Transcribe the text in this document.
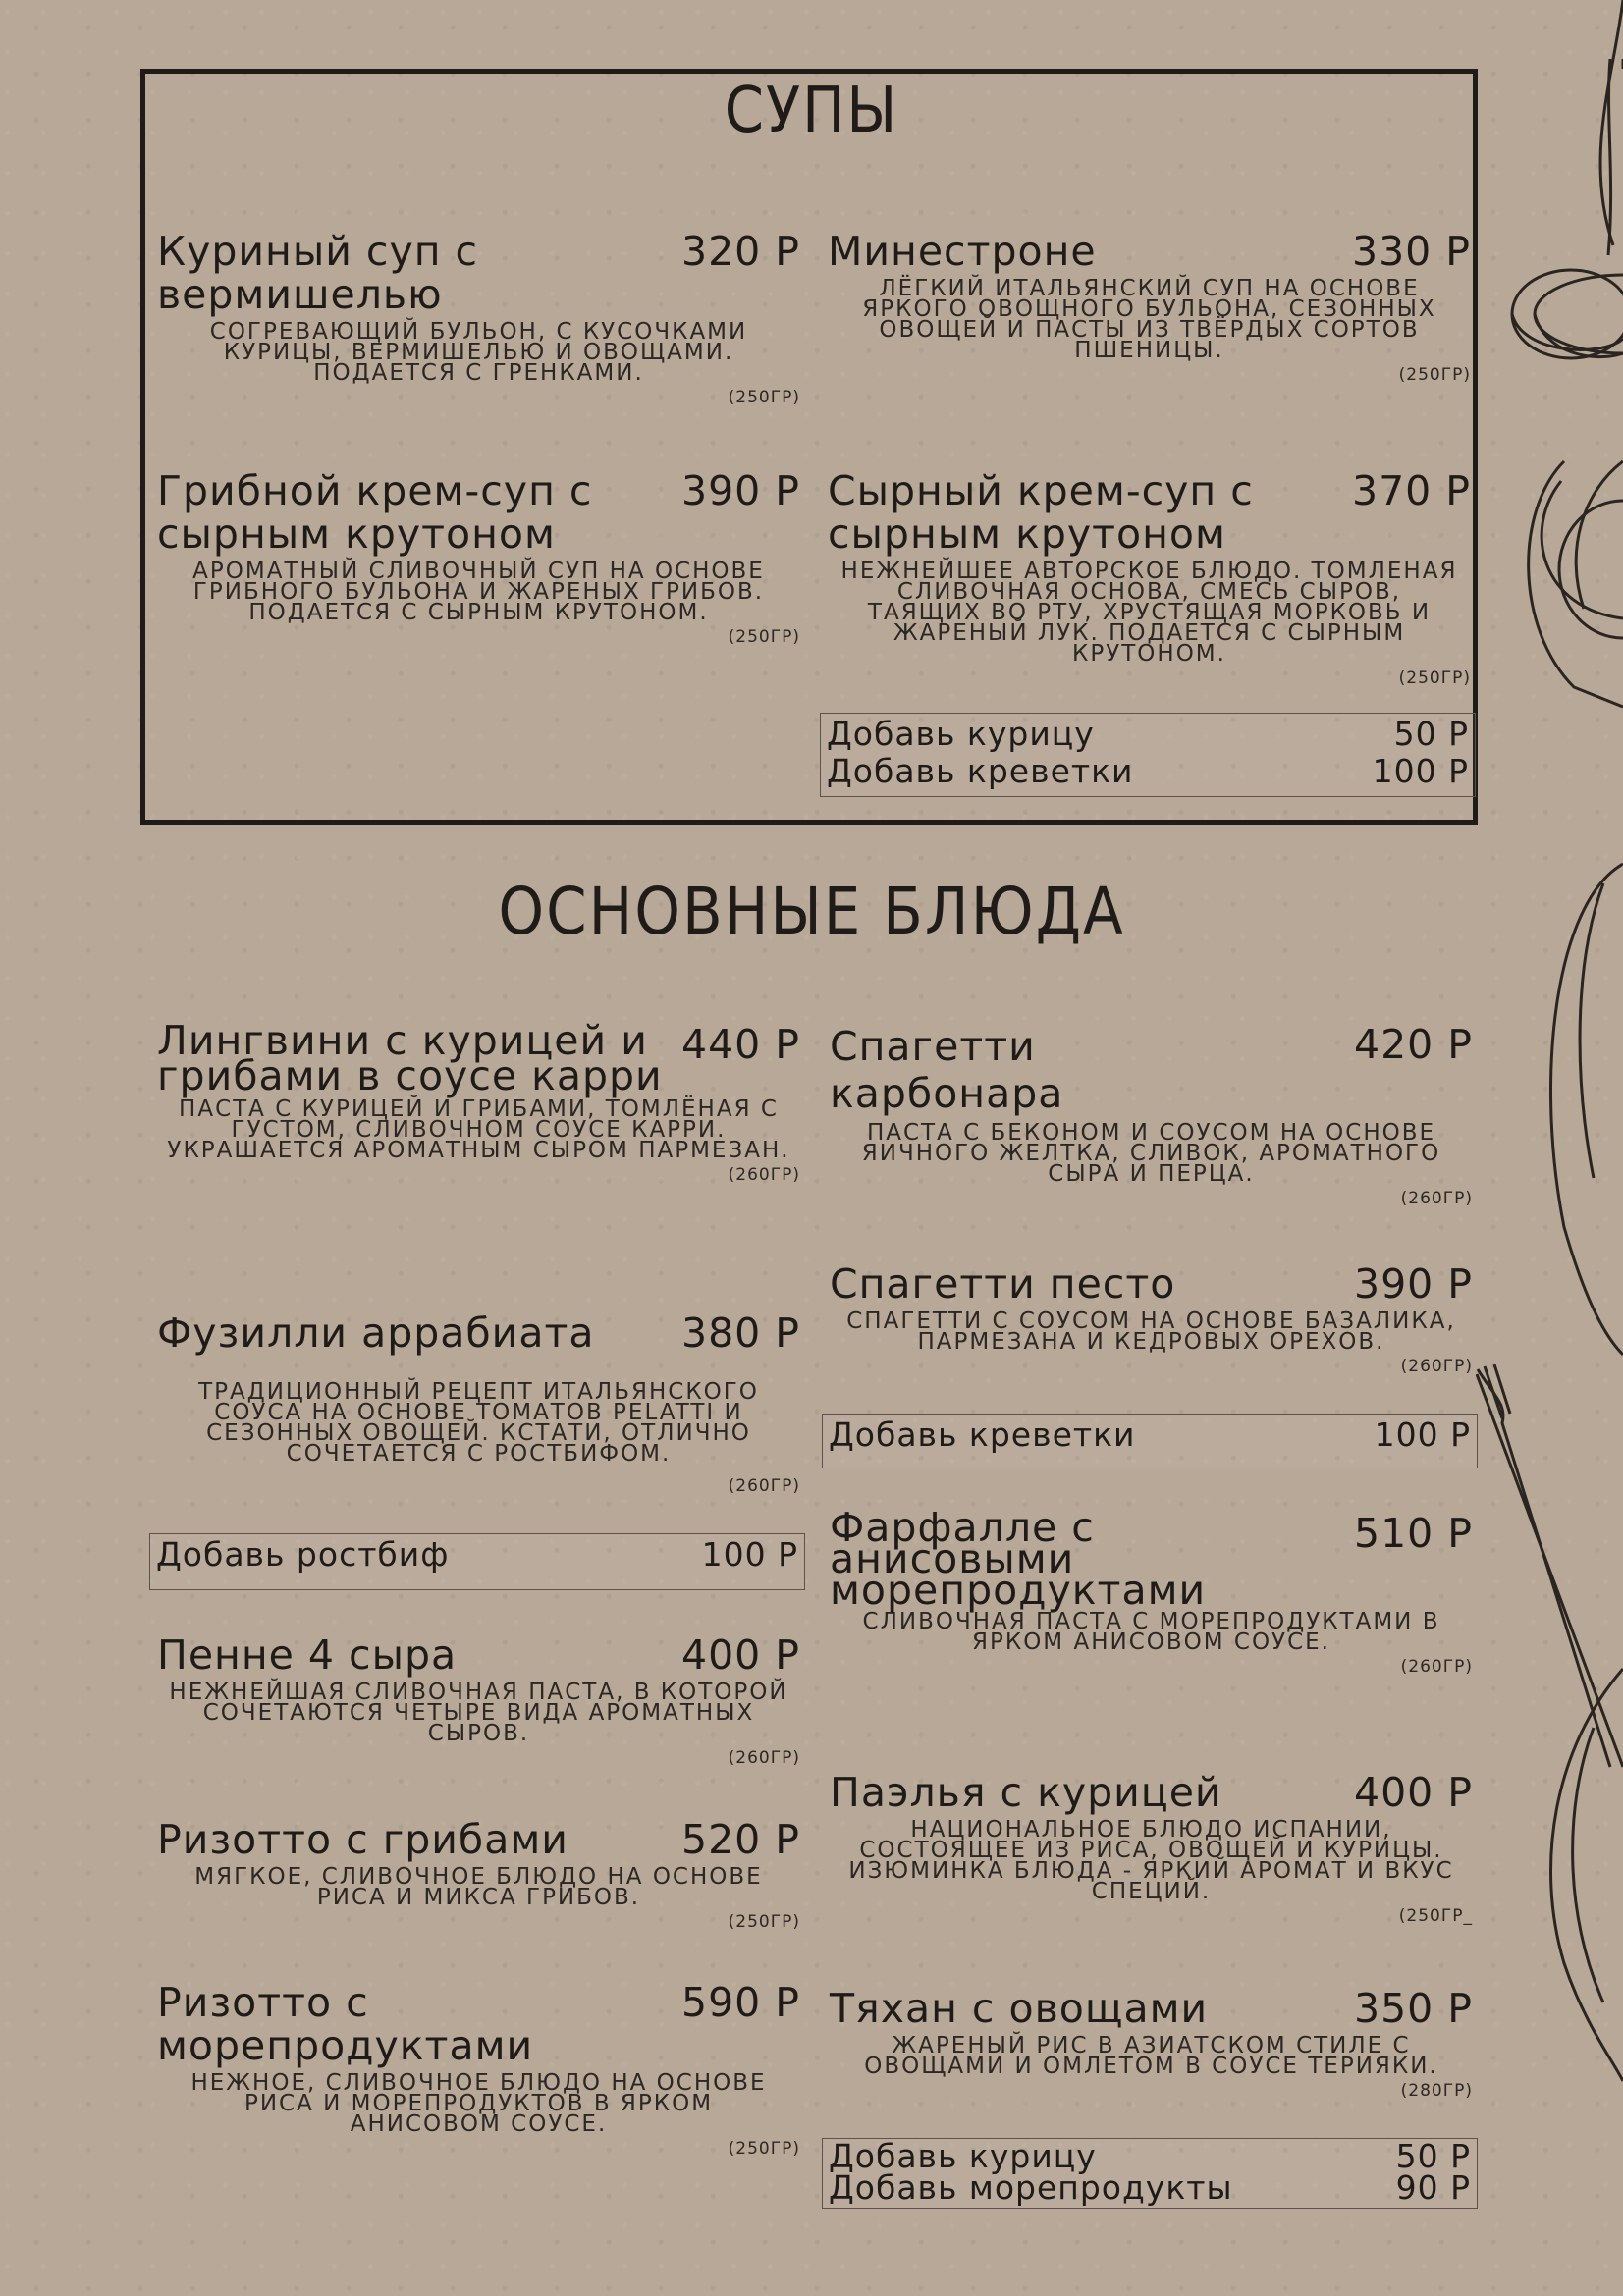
СУПЫ
Куриный суп с вермишелью
320 Р
СОГРЕВАЮЩИЙ БУЛЬОН, С КУСОЧКАМИ КУРИЦЫ, ВЕРМИШЕЛЬЮ И ОВОЩАМИ. ПОДАЕТСЯ С ГРЕНКАМИ.
(250ГР)
Минестроне	330 Р
ЛЁГКИЙ ИТАЛЬЯНСКИЙ СУП НА ОСНОВЕ ЯРКОГО ОВОЩНОГО БУЛЬОНА, СЕЗОННЫХ ОВОЩЕЙ И ПАСТЫ ИЗ ТВЁРДЫХ СОРТОВ ПШЕНИЦЫ.
(250ГР)
Грибной крем-суп с сырным крутоном
390 Р
АРОМАТНЫЙ СЛИВОЧНЫЙ СУП НА ОСНОВЕ ГРИБНОГО БУЛЬОНА И ЖАРЕНЫХ ГРИБОВ. ПОДАЕТСЯ С СЫРНЫМ КРУТОНОМ.
(250ГР)
Сырный крем-суп с сырным крутоном
370 Р
НЕЖНЕЙШЕЕ АВТОРСКОЕ БЛЮДО. ТОМЛЕНАЯ СЛИВОЧНАЯ ОСНОВА, СМЕСЬ СЫРОВ, ТАЯЩИХ ВО РТУ, ХРУСТЯЩАЯ МОРКОВЬ И ЖАРЕНЫЙ ЛУК. ПОДАЕТСЯ С СЫРНЫМ КРУТОНОМ.
(250ГР)
Добавь курицу	50 Р
Добавь креветки	100 Р
ОСНОВНЫЕ БЛЮДА
Лингвини с курицей и грибами в соусе карри
440 Р
ПАСТА С КУРИЦЕЙ И ГРИБАМИ, ТОМЛЁНАЯ С ГУСТОМ, СЛИВОЧНОМ СОУСЕ КАРРИ. УКРАШАЕТСЯ АРОМАТНЫМ СЫРОМ ПАРМЕЗАН.
(260ГР)
Фузилли аррабиата	380 Р
ТРАДИЦИОННЫЙ РЕЦЕПТ ИТАЛЬЯНСКОГО СОУСА НА ОСНОВЕ ТОМАТОВ PELATTI И СЕЗОННЫХ ОВОЩЕЙ. КСТАТИ, ОТЛИЧНО СОЧЕТАЕТСЯ С РОСТБИФОМ.
(260ГР)
Добавь ростбиф	100 Р
Пенне 4 сыра	400 Р
НЕЖНЕЙШАЯ СЛИВОЧНАЯ ПАСТА, В КОТОРОЙ СОЧЕТАЮТСЯ ЧЕТЫРЕ ВИДА АРОМАТНЫХ СЫРОВ.
(260ГР)
Ризотто с грибами	520 Р
МЯГКОЕ, СЛИВОЧНОЕ БЛЮДО НА ОСНОВЕ РИСА И МИКСА ГРИБОВ.
(250ГР)
Ризотто с морепродуктами
590 Р
НЕЖНОЕ, СЛИВОЧНОЕ БЛЮДО НА ОСНОВЕ РИСА И МОРЕПРОДУКТОВ В ЯРКОМ АНИСОВОМ СОУСЕ.
(250ГР)
Спагетти карбонара
420 Р
ПАСТА С БЕКОНОМ И СОУСОМ НА ОСНОВЕ ЯИЧНОГО ЖЕЛТКА, СЛИВОК, АРОМАТНОГО СЫРА И ПЕРЦА.
(260ГР)
Спагетти песто	390 Р
СПАГЕТТИ С СОУСОМ НА ОСНОВЕ БАЗАЛИКА, ПАРМЕЗАНА И КЕДРОВЫХ ОРЕХОВ.
(260ГР)
Добавь креветки	100 Р
Фарфалле с анисовыми морепродуктами
510 Р
СЛИВОЧНАЯ ПАСТА С МОРЕПРОДУКТАМИ В ЯРКОМ АНИСОВОМ СОУСЕ.
(260ГР)
Паэлья с курицей	400 Р
НАЦИОНАЛЬНОЕ БЛЮДО ИСПАНИИ, СОСТОЯЩЕЕ ИЗ РИСА, ОВОЩЕЙ И КУРИЦЫ. ИЗЮМИНКА БЛЮДА - ЯРКИЙ АРОМАТ И ВКУС СПЕЦИЙ.
(250ГР_
Тяхан с овощами	350 Р
ЖАРЕНЫЙ РИС В АЗИАТСКОМ СТИЛЕ С ОВОЩАМИ И ОМЛЕТОМ В СОУСЕ ТЕРИЯКИ.
(280ГР)
Добавь курицу	50 Р
Добавь морепродукты	90 Р
